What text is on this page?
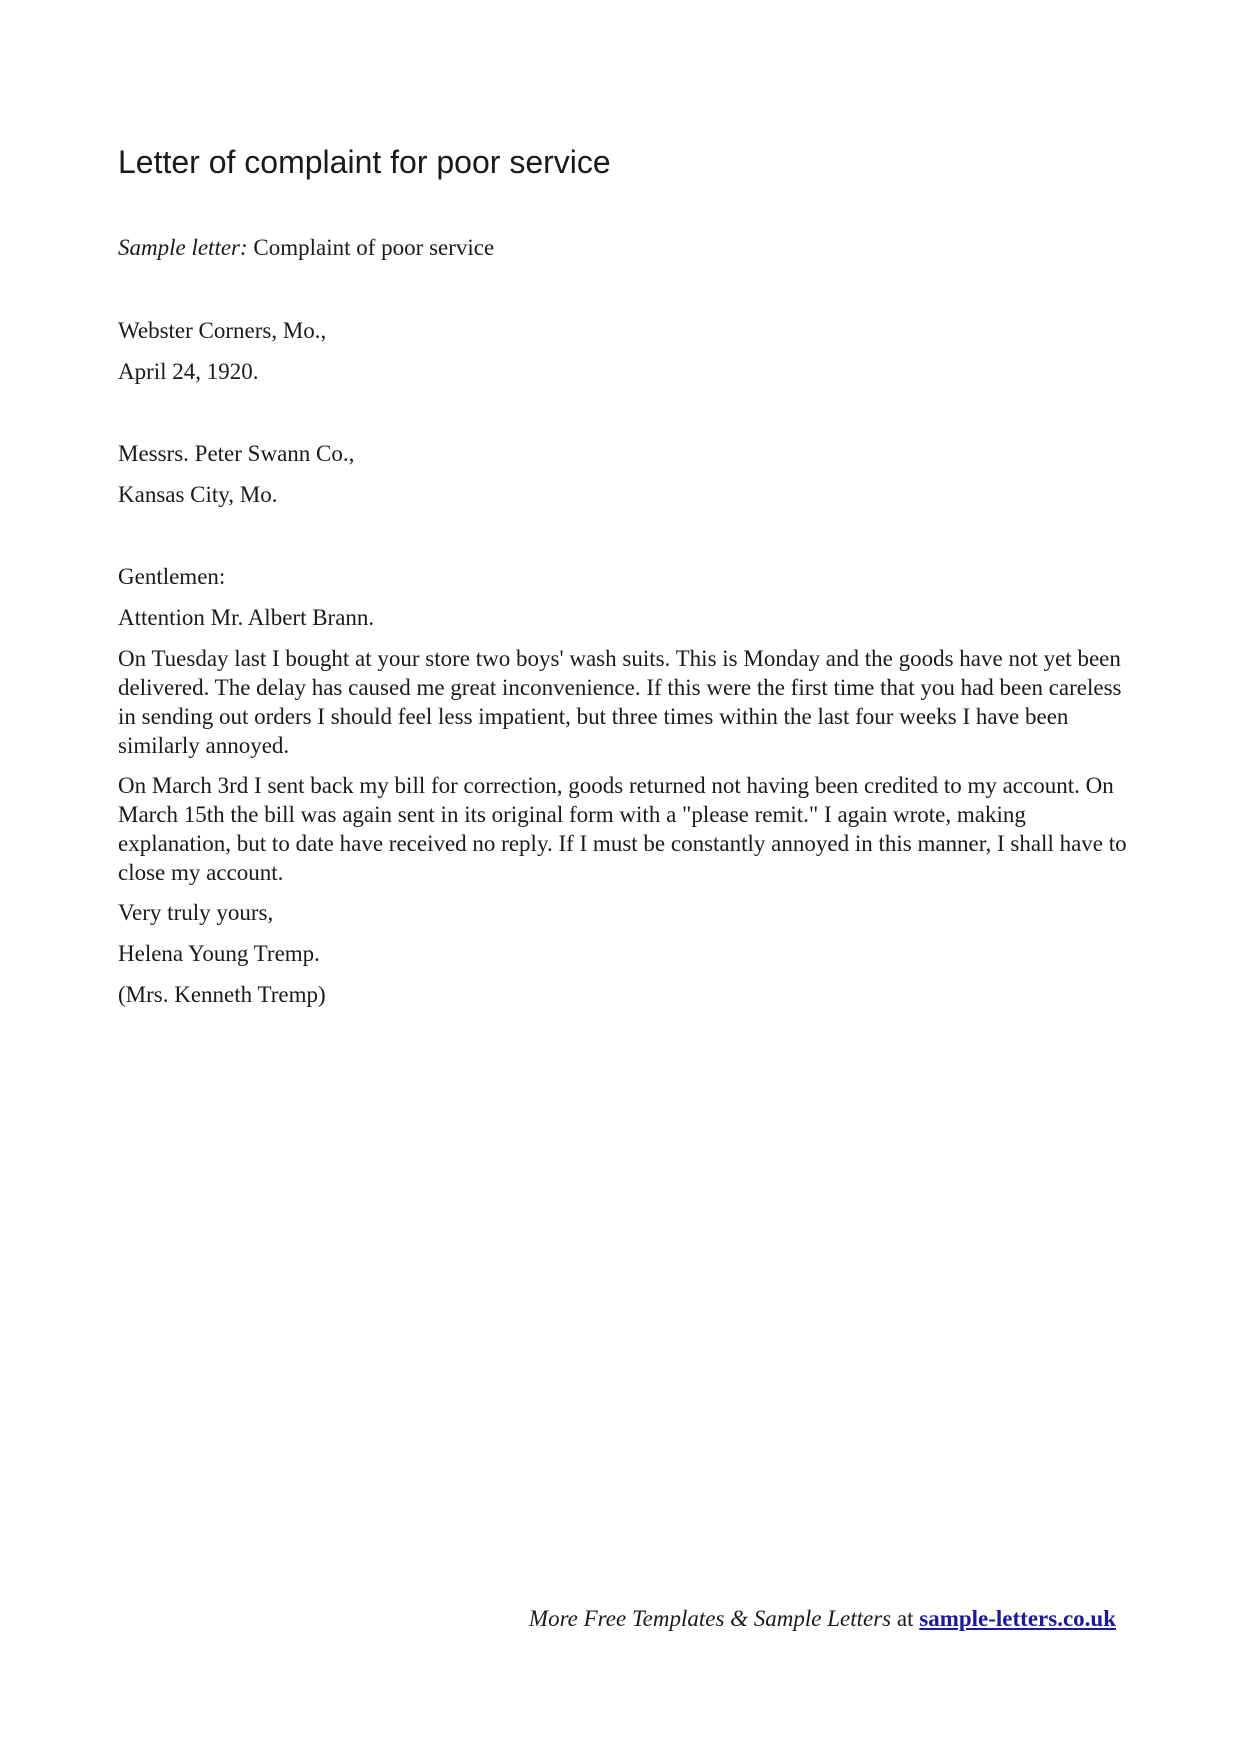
Letter of complaint for poor service

Sample letter: Complaint of poor service

Webster Corners, Mo.,

April 24, 1920.

Messrs. Peter Swann Co.,

Kansas City, Mo.

Gentlemen:

Attention Mr. Albert Brann.

On Tuesday last I bought at your store two boys' wash suits. This is Monday and the goods have not yet been delivered. The delay has caused me great inconvenience. If this were the first time that you had been careless in sending out orders I should feel less impatient, but three times within the last four weeks I have been similarly annoyed.

On March 3rd I sent back my bill for correction, goods returned not having been credited to my account. On March 15th the bill was again sent in its original form with a "please remit." I again wrote, making explanation, but to date have received no reply. If I must be constantly annoyed in this manner, I shall have to close my account.

Very truly yours,

Helena Young Tremp.

(Mrs. Kenneth Tremp)

More Free Templates & Sample Letters at sample-letters.co.uk
